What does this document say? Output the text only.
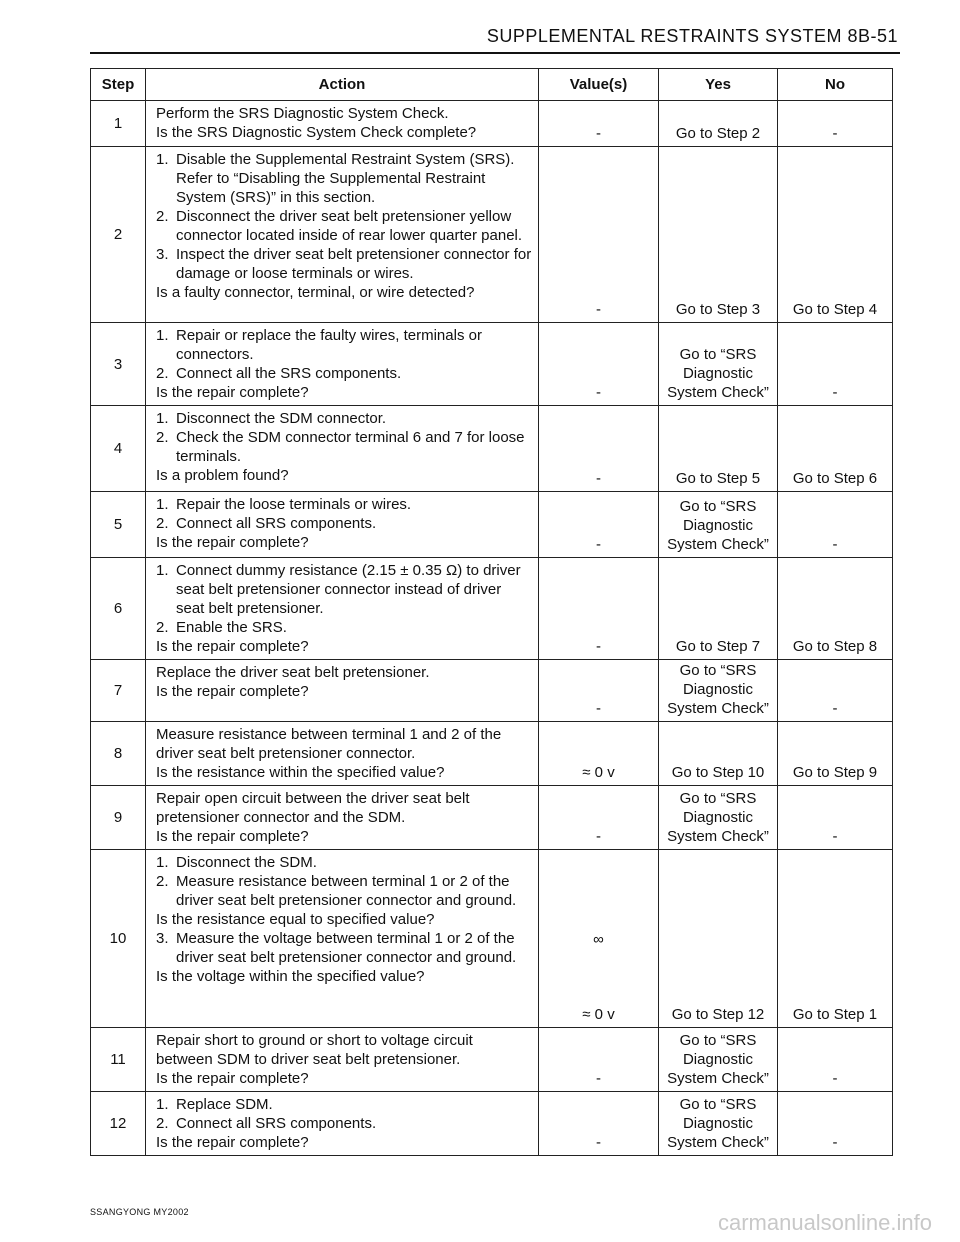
SUPPLEMENTAL RESTRAINTS SYSTEM 8B-51
Step	Action	Value(s)	Yes	No
1	Perform the SRS Diagnostic System Check.
Is the SRS Diagnostic System Check complete?	-	Go to Step 2	-

2	1. Disable the Supplemental Restraint System (SRS). Refer to “Disabling the Supplemental Restraint System (SRS)” in this section.
2. Disconnect the driver seat belt pretensioner yellow connector located inside of rear lower quarter panel.
3. Inspect the driver seat belt pretensioner connector for damage or loose terminals or wires.
Is a faulty connector, terminal, or wire detected?	-	Go to Step 3	Go to Step 4

3	1. Repair or replace the faulty wires, terminals or connectors.
2. Connect all the SRS components.
Is the repair complete?	-	Go to “SRS
Diagnostic
System Check”	-

4	1. Disconnect the SDM connector.
2. Check the SDM connector terminal 6 and 7 for loose terminals.
Is a problem found?	-	Go to Step 5	Go to Step 6

5	1. Repair the loose terminals or wires.
2. Connect all SRS components.
Is the repair complete?	-	Go to “SRS
Diagnostic
System Check”	-

6	1. Connect dummy resistance (2.15 ± 0.35 Ω) to driver seat belt pretensioner connector instead of driver seat belt pretensioner.
2. Enable the SRS.
Is the repair complete?	-	Go to Step 7	Go to Step 8

7	Replace the driver seat belt pretensioner.
Is the repair complete?	-	Go to “SRS
Diagnostic
System Check”	-

8	Measure resistance between terminal 1 and 2 of the driver seat belt pretensioner connector.
Is the resistance within the specified value?	≈ 0 v	Go to Step 10	Go to Step 9

9	Repair open circuit between the driver seat belt pretensioner connector and the SDM.
Is the repair complete?	-	Go to “SRS
Diagnostic
System Check”	-

10	1. Disconnect the SDM.
2. Measure resistance between terminal 1 or 2 of the driver seat belt pretensioner connector and ground.
Is the resistance equal to specified value?
3. Measure the voltage between terminal 1 or 2 of the driver seat belt pretensioner connector and ground.
Is the voltage within the specified value?	∞
≈ 0 v	Go to Step 12	Go to Step 1

11	Repair short to ground or short to voltage circuit between SDM to driver seat belt pretensioner.
Is the repair complete?	-	Go to “SRS
Diagnostic
System Check”	-

12	1. Replace SDM.
2. Connect all SRS components.
Is the repair complete?	-	Go to “SRS
Diagnostic
System Check”	-
SSANGYONG MY2002	carmanualsonline.info
